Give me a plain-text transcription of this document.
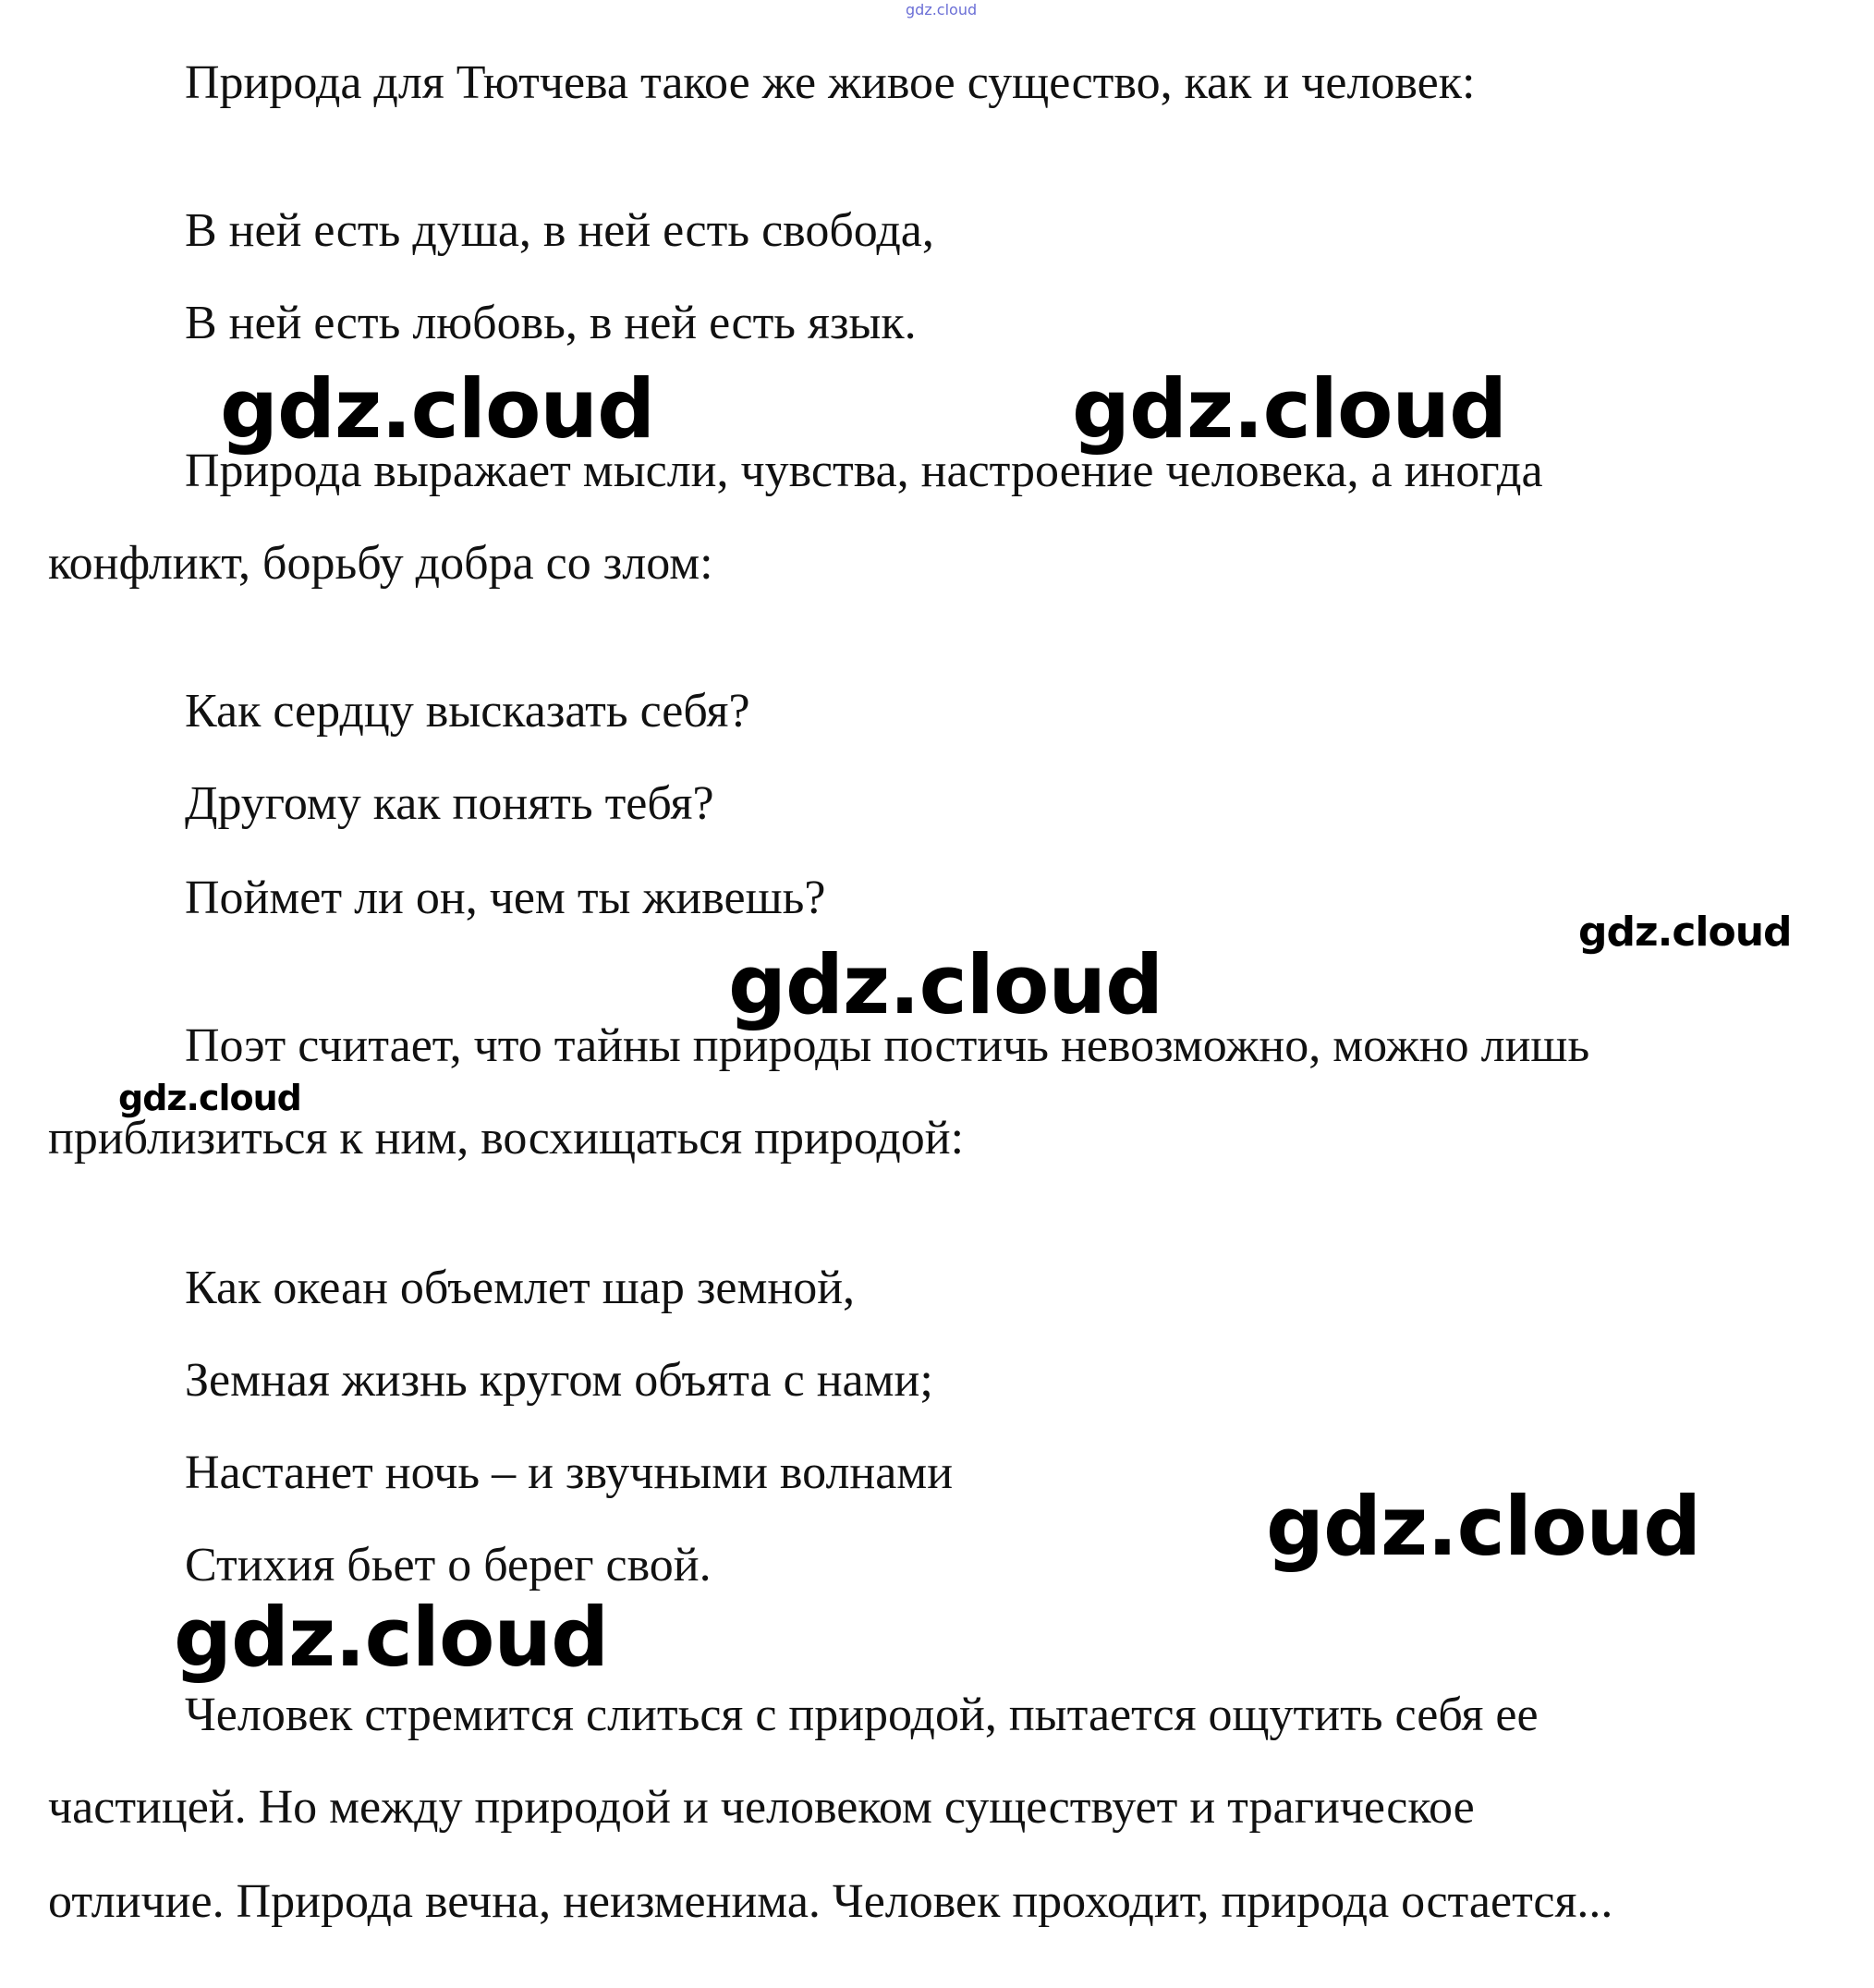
gdz.cloud

Природа для Тютчева такое же живое существо, как и человек:

В ней есть душа, в ней есть свобода,

В ней есть любовь, в ней есть язык.

Природа выражает мысли, чувства, настроение человека, а иногда

конфликт, борьбу добра со злом:

Как сердцу высказать себя?

Другому как понять тебя?

Поймет ли он, чем ты живешь?

Поэт считает, что тайны природы постичь невозможно, можно лишь

приблизиться к ним, восхищаться природой:

Как океан объемлет шар земной,

Земная жизнь кругом объята с нами;

Настанет ночь – и звучными волнами

Стихия бьет о берег свой.

Человек стремится слиться с природой, пытается ощутить себя ее

частицей. Но между природой и человеком существует и трагическое

отличие. Природа вечна, неизменима. Человек проходит, природа остается...

gdz.cloud	gdz.cloud
gdz.cloud
gdz.cloud
gdz.cloud
gdz.cloud
gdz.cloud
